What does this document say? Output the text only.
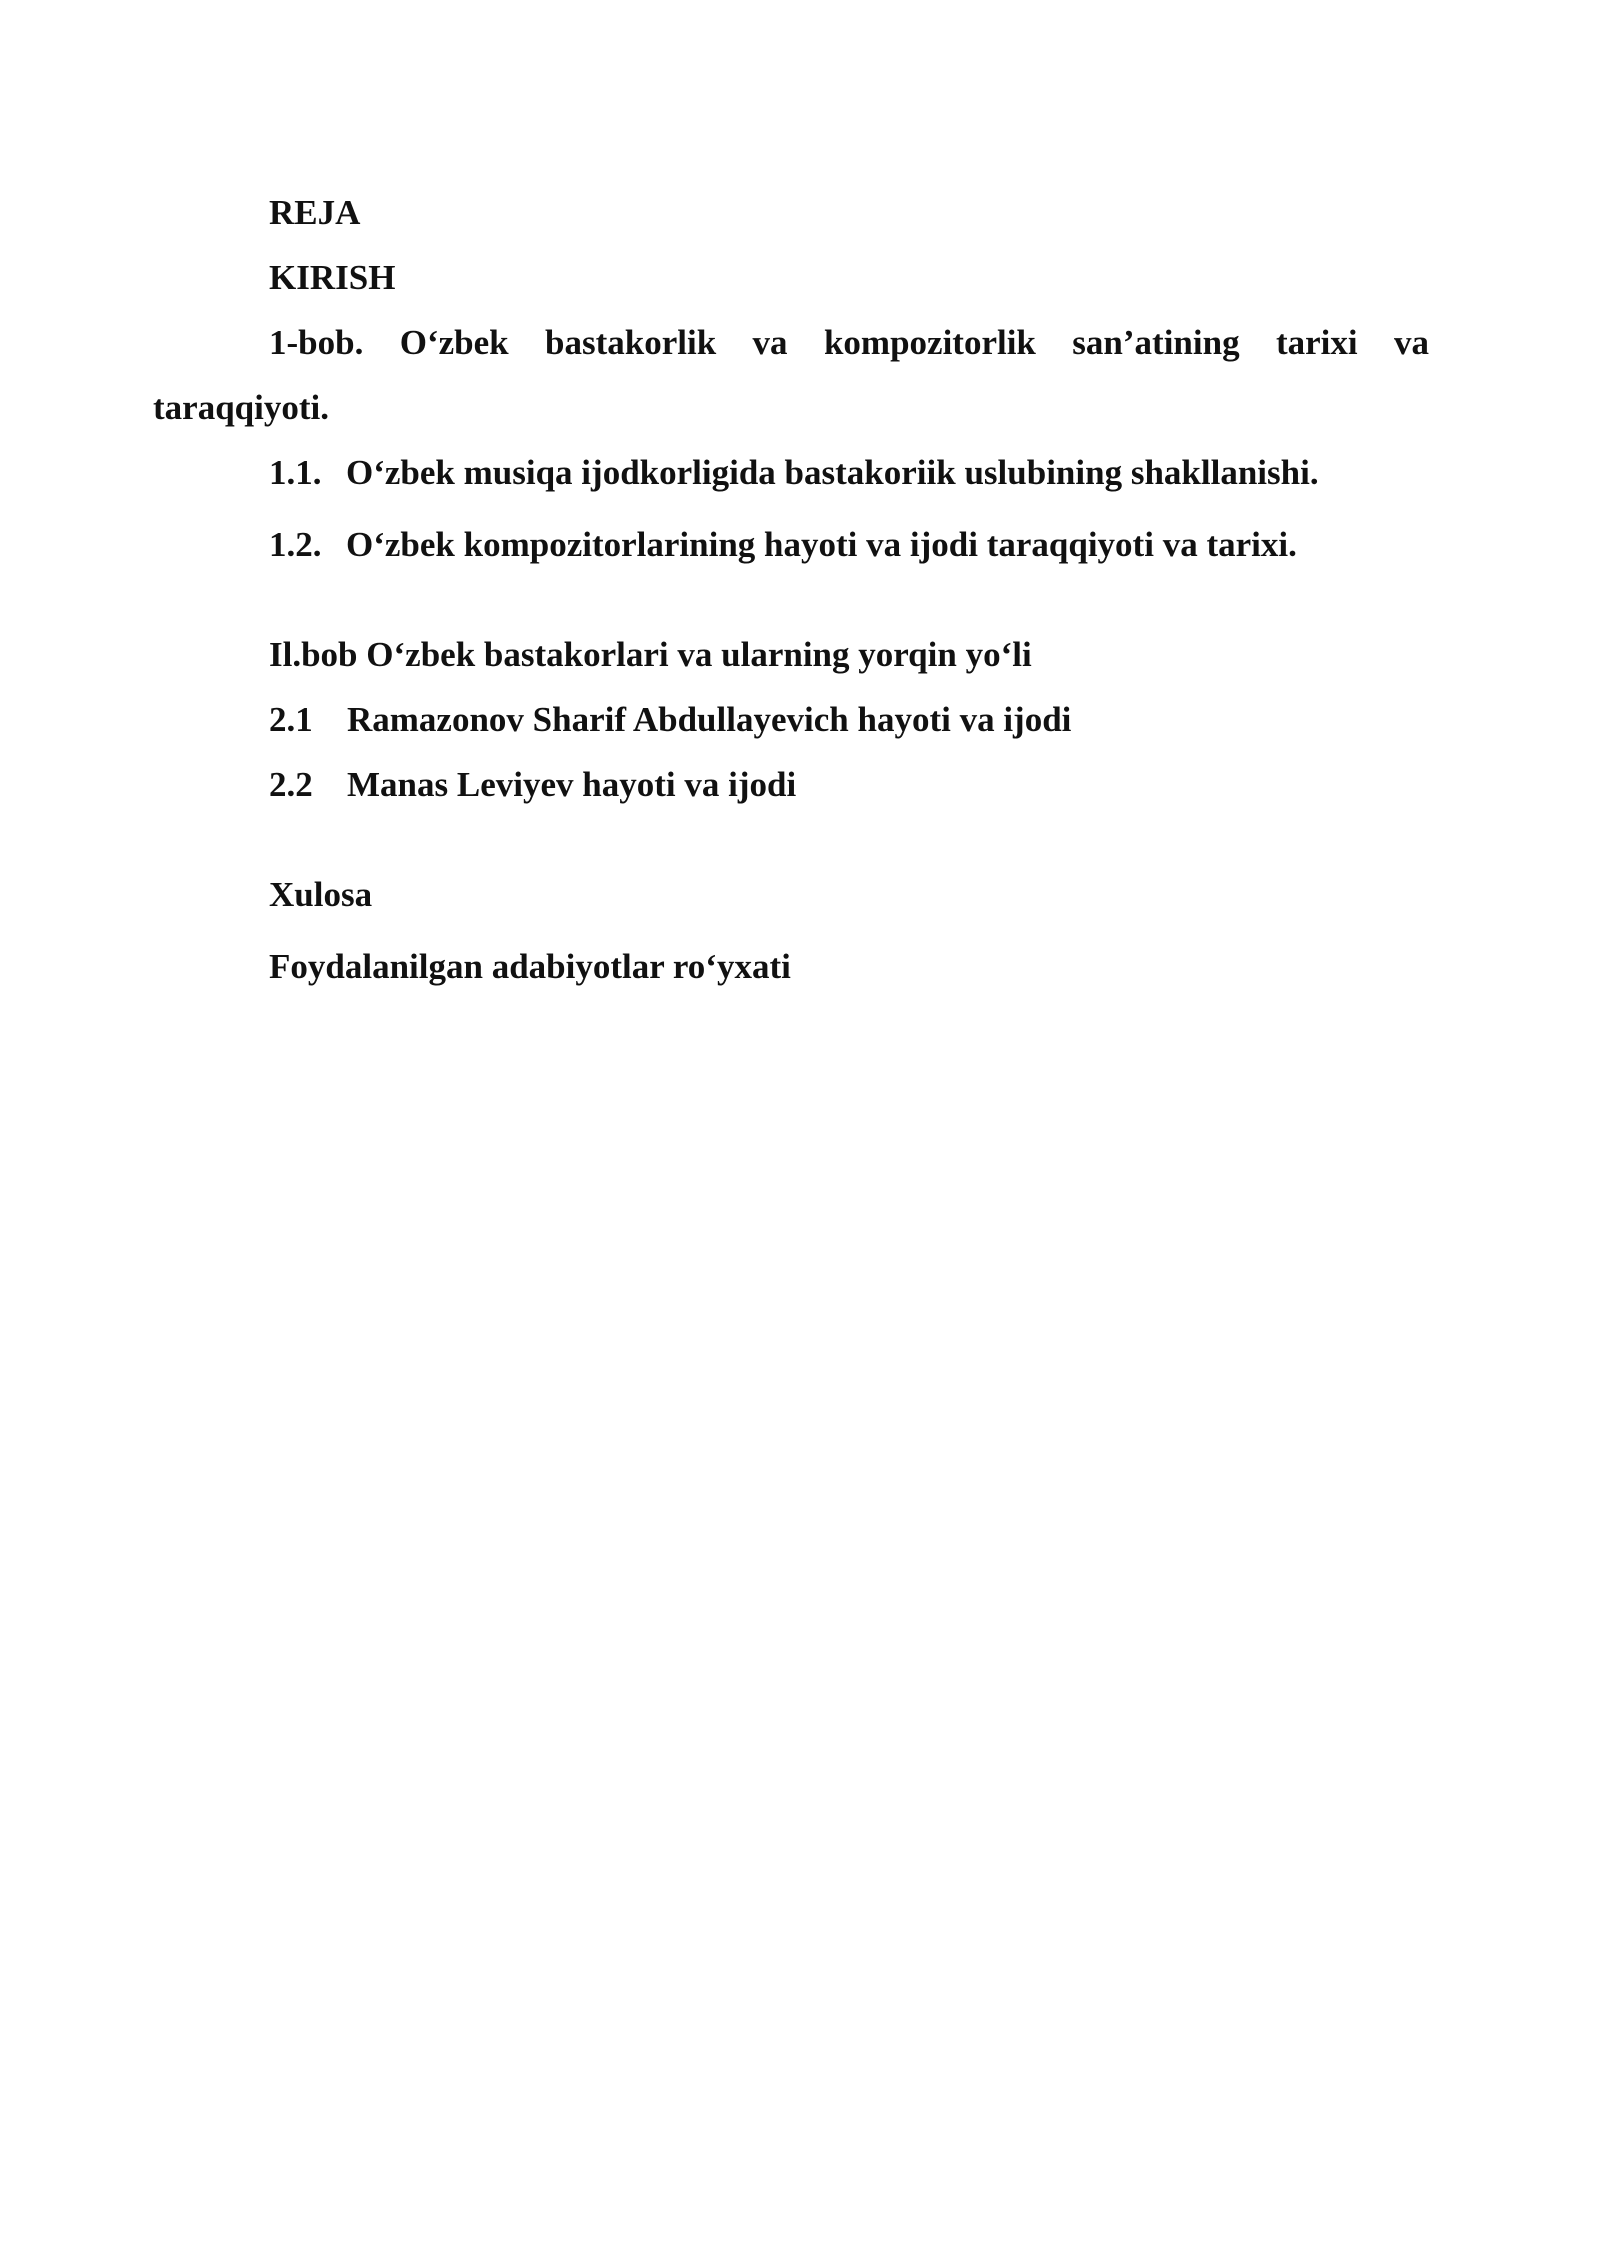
REJA

KIRISH

1-bob. O‘zbek bastakorlik va kompozitorlik san’atining tarixi va

taraqqiyoti.

1.1. O‘zbek musiqa ijodkorligida bastakoriik uslubining shakllanishi.

1.2. O‘zbek kompozitorlarining hayoti va ijodi taraqqiyoti va tarixi.

Il.bob O‘zbek bastakorlari va ularning yorqin yo‘li

2.1 Ramazonov Sharif Abdullayevich hayoti va ijodi

2.2 Manas Leviyev hayoti va ijodi

Xulosa

Foydalanilgan adabiyotlar ro‘yxati
